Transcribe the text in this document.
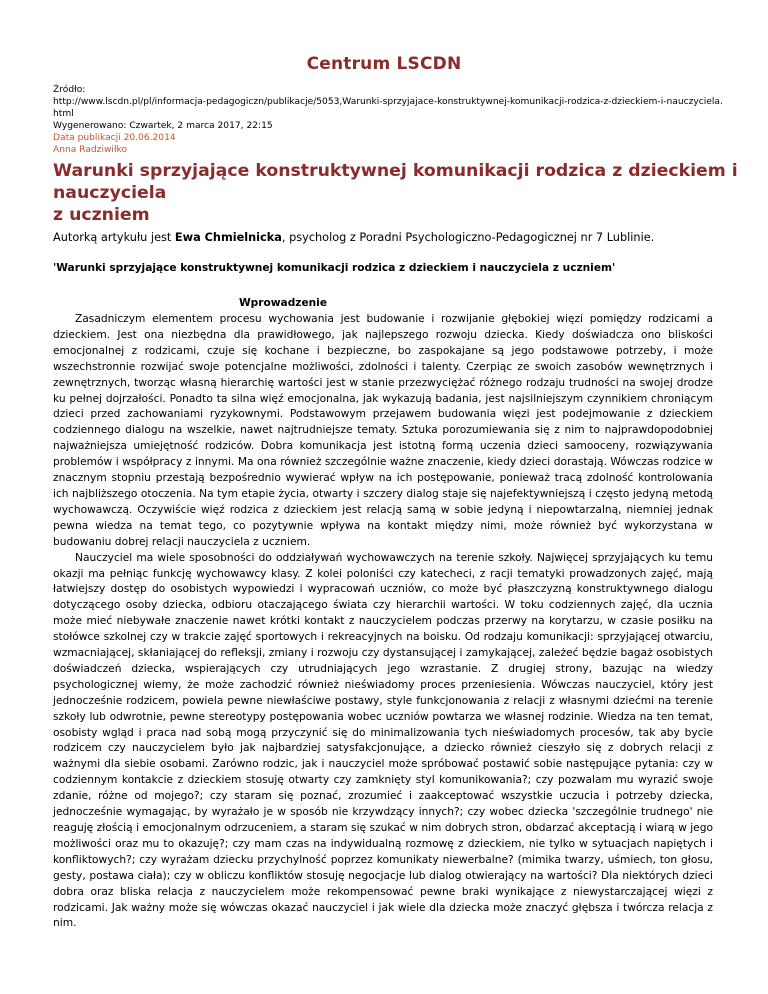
Centrum LSCDN
Źródło:
http://www.lscdn.pl/pl/informacja-pedagogiczn/publikacje/5053,Warunki-sprzyjajace-konstruktywnej-komunikacji-rodzica-z-dzieckiem-i-nauczyciela.html
Wygenerowano: Czwartek, 2 marca 2017, 22:15
Data publikacji 20.06.2014
Anna Radziwiłko
Warunki sprzyjające konstruktywnej komunikacji rodzica z dzieckiem i
nauczyciela
z uczniem
Autorką artykułu jest Ewa Chmielnicka, psycholog z Poradni Psychologiczno-Pedagogicznej nr 7 Lublinie.
'Warunki sprzyjające konstruktywnej komunikacji rodzica z dzieckiem i nauczyciela z uczniem'
Wprowadzenie

Zasadniczym elementem procesu wychowania jest budowanie i rozwijanie głębokiej więzi pomiędzy rodzicami a dzieckiem. Jest ona niezbędna dla prawidłowego, jak najlepszego rozwoju dziecka. Kiedy doświadcza ono bliskości emocjonalnej z rodzicami, czuje się kochane i bezpieczne, bo zaspokajane są jego podstawowe potrzeby, i może wszechstronnie rozwijać swoje potencjalne możliwości, zdolności i talenty. Czerpiąc ze swoich zasobów wewnętrznych i zewnętrznych, tworząc własną hierarchię wartości jest w stanie przezwyciężać różnego rodzaju trudności na swojej drodze ku pełnej dojrzałości. Ponadto ta silna więź emocjonalna, jak wykazują badania, jest najsilniejszym czynnikiem chroniącym dzieci przed zachowaniami ryzykownymi. Podstawowym przejawem budowania więzi jest podejmowanie z dzieckiem codziennego dialogu na wszelkie, nawet najtrudniejsze tematy. Sztuka porozumiewania się z nim to najprawdopodobniej najważniejsza umiejętność rodziców. Dobra komunikacja jest istotną formą uczenia dzieci samooceny, rozwiązywania problemów i współpracy z innymi. Ma ona również szczególnie ważne znaczenie, kiedy dzieci dorastają. Wówczas rodzice w znacznym stopniu przestają bezpośrednio wywierać wpływ na ich postępowanie, ponieważ tracą zdolność kontrolowania ich najbliższego otoczenia. Na tym etapie życia, otwarty i szczery dialog staje się najefektywniejszą i często jedyną metodą wychowawczą. Oczywiście więź rodzica z dzieckiem jest relacją samą w sobie jedyną i niepowtarzalną, niemniej jednak pewna wiedza na temat tego, co pozytywnie wpływa na kontakt między nimi, może również być wykorzystana w budowaniu dobrej relacji nauczyciela z uczniem.

Nauczyciel ma wiele sposobności do oddziaływań wychowawczych na terenie szkoły. Najwięcej sprzyjających ku temu okazji ma pełniąc funkcję wychowawcy klasy. Z kolei poloniści czy katecheci, z racji tematyki prowadzonych zajęć, mają łatwiejszy dostęp do osobistych wypowiedzi i wypracowań uczniów, co może być płaszczyzną konstruktywnego dialogu dotyczącego osoby dziecka, odbioru otaczającego świata czy hierarchii wartości. W toku codziennych zajęć, dla ucznia może mieć niebywałe znaczenie nawet krótki kontakt z nauczycielem podczas przerwy na korytarzu, w czasie posiłku na stołówce szkolnej czy w trakcie zajęć sportowych i rekreacyjnych na boisku. Od rodzaju komunikacji: sprzyjającej otwarciu, wzmacniającej, skłaniającej do refleksji, zmiany i rozwoju czy dystansującej i zamykającej, zależeć będzie bagaż osobistych doświadczeń dziecka, wspierających czy utrudniających jego wzrastanie. Z drugiej strony, bazując na wiedzy psychologicznej wiemy, że może zachodzić również nieświadomy proces przeniesienia. Wówczas nauczyciel, który jest jednocześnie rodzicem, powiela pewne niewłaściwe postawy, style funkcjonowania z relacji z własnymi dziećmi na terenie szkoły lub odwrotnie, pewne stereotypy postępowania wobec uczniów powtarza we własnej rodzinie. Wiedza na ten temat, osobisty wgląd i praca nad sobą mogą przyczynić się do minimalizowania tych nieświadomych procesów, tak aby bycie rodzicem czy nauczycielem było jak najbardziej satysfakcjonujące, a dziecko również cieszyło się z dobrych relacji z ważnymi dla siebie osobami. Zarówno rodzic, jak i nauczyciel może spróbować postawić sobie następujące pytania: czy w codziennym kontakcie z dzieckiem stosuję otwarty czy zamknięty styl komunikowania?; czy pozwalam mu wyrazić swoje zdanie, różne od mojego?; czy staram się poznać, zrozumieć i zaakceptować wszystkie uczucia i potrzeby dziecka, jednocześnie wymagając, by wyrażało je w sposób nie krzywdzący innych?; czy wobec dziecka 'szczególnie trudnego' nie reaguję złością i emocjonalnym odrzuceniem, a staram się szukać w nim dobrych stron, obdarzać akceptacją i wiarą w jego możliwości oraz mu to okazuję?; czy mam czas na indywidualną rozmowę z dzieckiem, nie tylko w sytuacjach napiętych i konfliktowych?; czy wyrażam dziecku przychylność poprzez komunikaty niewerbalne? (mimika twarzy, uśmiech, ton głosu, gesty, postawa ciała); czy w obliczu konfliktów stosuję negocjacje lub dialog otwierający na wartości? Dla niektórych dzieci dobra oraz bliska relacja z nauczycielem może rekompensować pewne braki wynikające z niewystarczającej więzi z rodzicami. Jak ważny może się wówczas okazać nauczyciel i jak wiele dla dziecka może znaczyć głębsza i twórcza relacja z nim.
